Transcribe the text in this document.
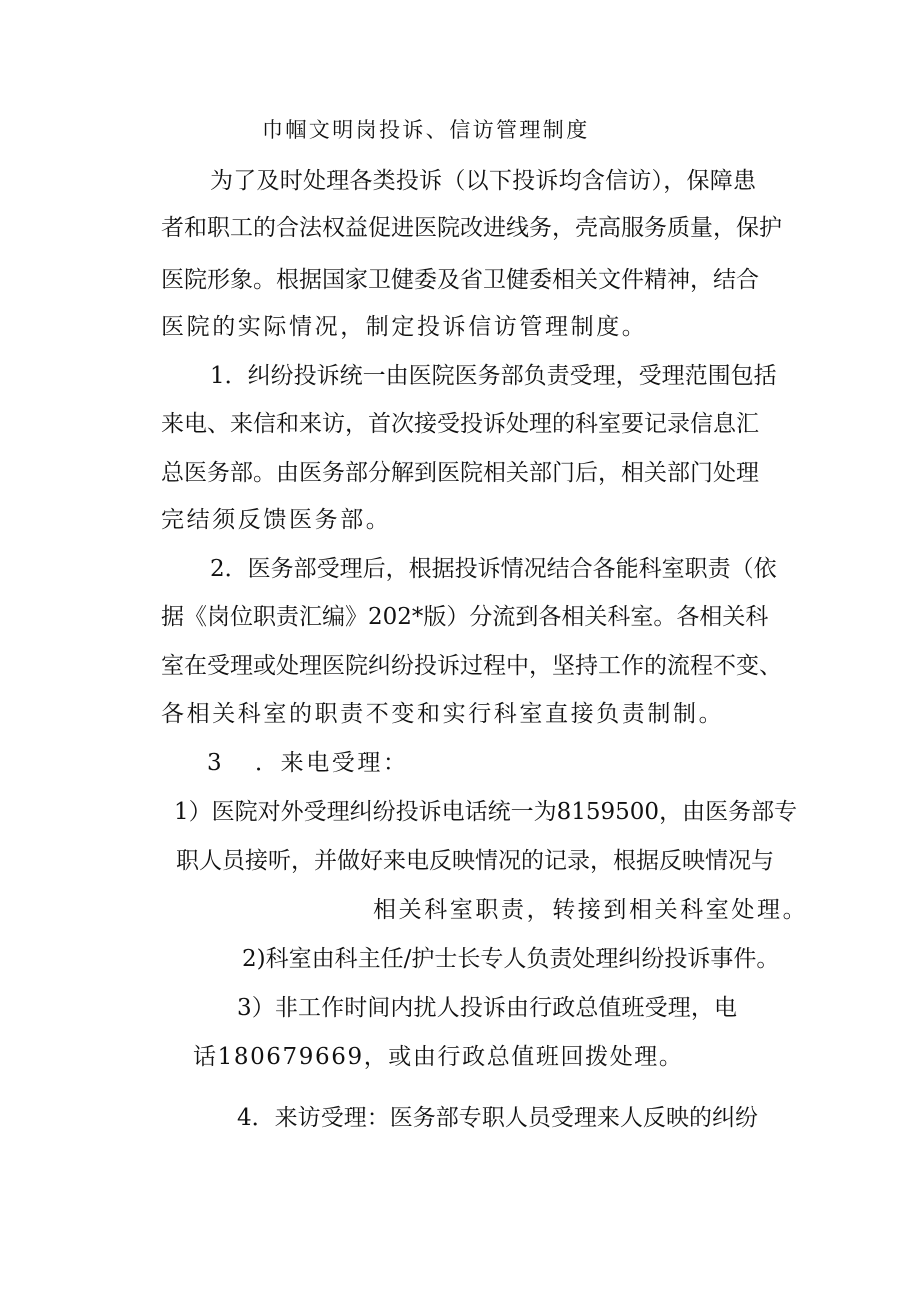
巾帼文明岗投诉、信访管理制度
为了及时处理各类投诉（以下投诉均含信访），保障患
者和职工的合法权益促进医院改进线务，壳高服务质量，保护
医院形象。根据国家卫健委及省卫健委相关文件精神，结合
医院的实际情况，制定投诉信访管理制度。
1．纠纷投诉统一由医院医务部负责受理，受理范围包括
来电、来信和来访，首次接受投诉处理的科室要记录信息汇
总医务部。由医务部分解到医院相关部门后，相关部门处理
完结须反馈医务部。
2．医务部受理后，根据投诉情况结合各能科室职责（依
据《岗位职责汇编》202*版）分流到各相关科室。各相关科
室在受理或处理医院纠纷投诉过程中，坚持工作的流程不变、
各相关科室的职责不变和实行科室直接负责制制。
3 ．来电受理：
1）医院对外受理纠纷投诉电话统一为8159500，由医务部专
职人员接听，并做好来电反映情况的记录，根据反映情况与
相关科室职责，转接到相关科室处理。
2)科室由科主任/护士长专人负责处理纠纷投诉事件。
3）非工作时间内扰人投诉由行政总值班受理，电
话180679669，或由行政总值班回拨处理。
4．来访受理：医务部专职人员受理来人反映的纠纷
